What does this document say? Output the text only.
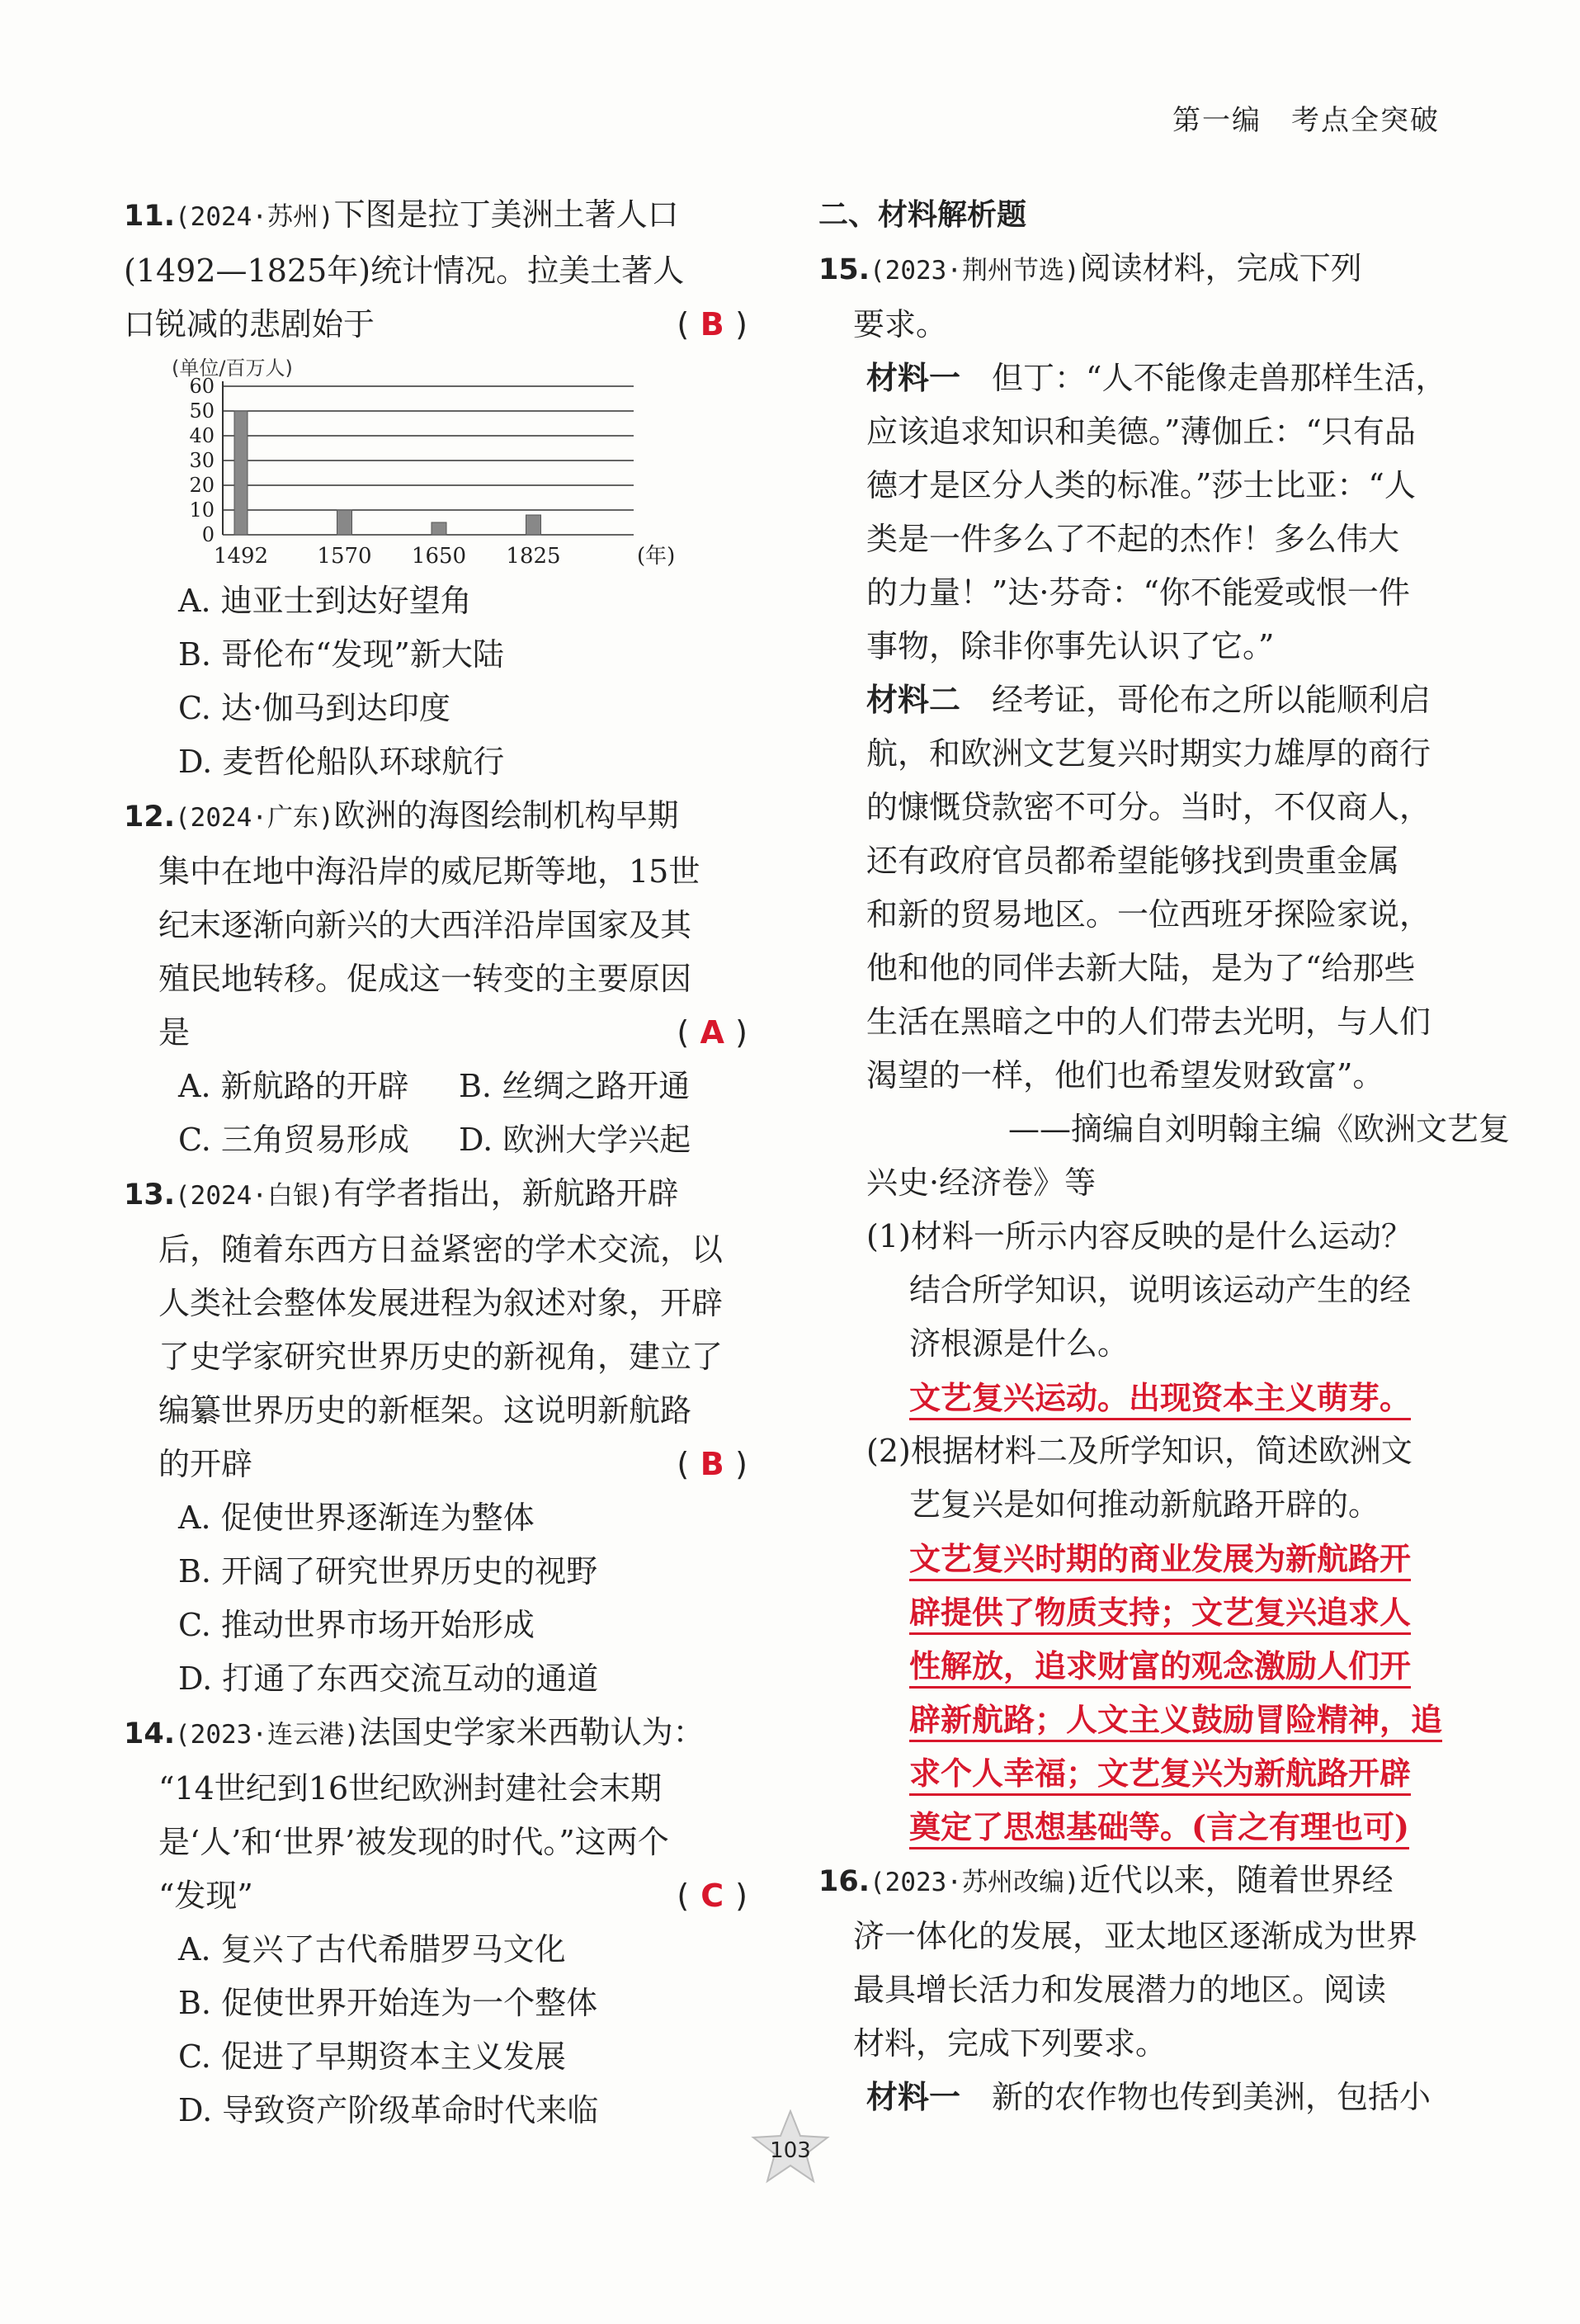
第一编　考点全突破
11.(2024·苏州)下图是拉丁美洲土著人口
(1492—1825年)统计情况。拉美土著人
口锐减的悲剧始于	( B )
(单位/百万人)
0
10
20
30
40
50
60
1492 1570 1650 1825	(年)
A. 迪亚士到达好望角
B. 哥伦布“发现”新大陆
C. 达·伽马到达印度
D. 麦哲伦船队环球航行
12.(2024·广东)欧洲的海图绘制机构早期
集中在地中海沿岸的威尼斯等地，15世
纪末逐渐向新兴的大西洋沿岸国家及其
殖民地转移。促成这一转变的主要原因
是	( A )
A. 新航路的开辟 B. 丝绸之路开通
C. 三角贸易形成 D. 欧洲大学兴起
13.(2024·白银)有学者指出，新航路开辟
后，随着东西方日益紧密的学术交流，以
人类社会整体发展进程为叙述对象，开辟
了史学家研究世界历史的新视角，建立了
编纂世界历史的新框架。这说明新航路
的开辟	( B )
A. 促使世界逐渐连为整体
B. 开阔了研究世界历史的视野
C. 推动世界市场开始形成
D. 打通了东西交流互动的通道
14.(2023·连云港)法国史学家米西勒认为：
“14世纪到16世纪欧洲封建社会末期
是‘人’和‘世界’被发现的时代。”这两个
“发现”	( C )
A. 复兴了古代希腊罗马文化
B. 促使世界开始连为一个整体
C. 促进了早期资本主义发展
D. 导致资产阶级革命时代来临
二、材料解析题
15.(2023·荆州节选)阅读材料，完成下列
要求。
材料一　 但丁：“人不能像走兽那样生活，
应该追求知识和美德。”薄伽丘：“只有品
德才是区分人类的标准。”莎士比亚：“人
类是一件多么了不起的杰作！多么伟大
的力量！”达·芬奇：“你不能爱或恨一件
事物，除非你事先认识了它。”
材料二　 经考证，哥伦布之所以能顺利启
航，和欧洲文艺复兴时期实力雄厚的商行
的慷慨贷款密不可分。当时，不仅商人，
还有政府官员都希望能够找到贵重金属
和新的贸易地区。一位西班牙探险家说，
他和他的同伴去新大陆，是为了“给那些
生活在黑暗之中的人们带去光明，与人们
渴望的一样，他们也希望发财致富”。
——摘编自刘明翰主编《欧洲文艺复
兴史·经济卷》等
(1)材料一所示内容反映的是什么运动？
结合所学知识，说明该运动产生的经
济根源是什么。
文艺复兴运动。出现资本主义萌芽。
(2)根据材料二及所学知识，简述欧洲文
艺复兴是如何推动新航路开辟的。
文艺复兴时期的商业发展为新航路开
辟提供了物质支持；文艺复兴追求人
性解放，追求财富的观念激励人们开
辟新航路；人文主义鼓励冒险精神，追
求个人幸福；文艺复兴为新航路开辟
奠定了思想基础等。(言之有理也可)
16.(2023·苏州改编)近代以来，随着世界经
济一体化的发展，亚太地区逐渐成为世界
最具增长活力和发展潜力的地区。阅读
材料，完成下列要求。
材料一　 新的农作物也传到美洲，包括小
103
